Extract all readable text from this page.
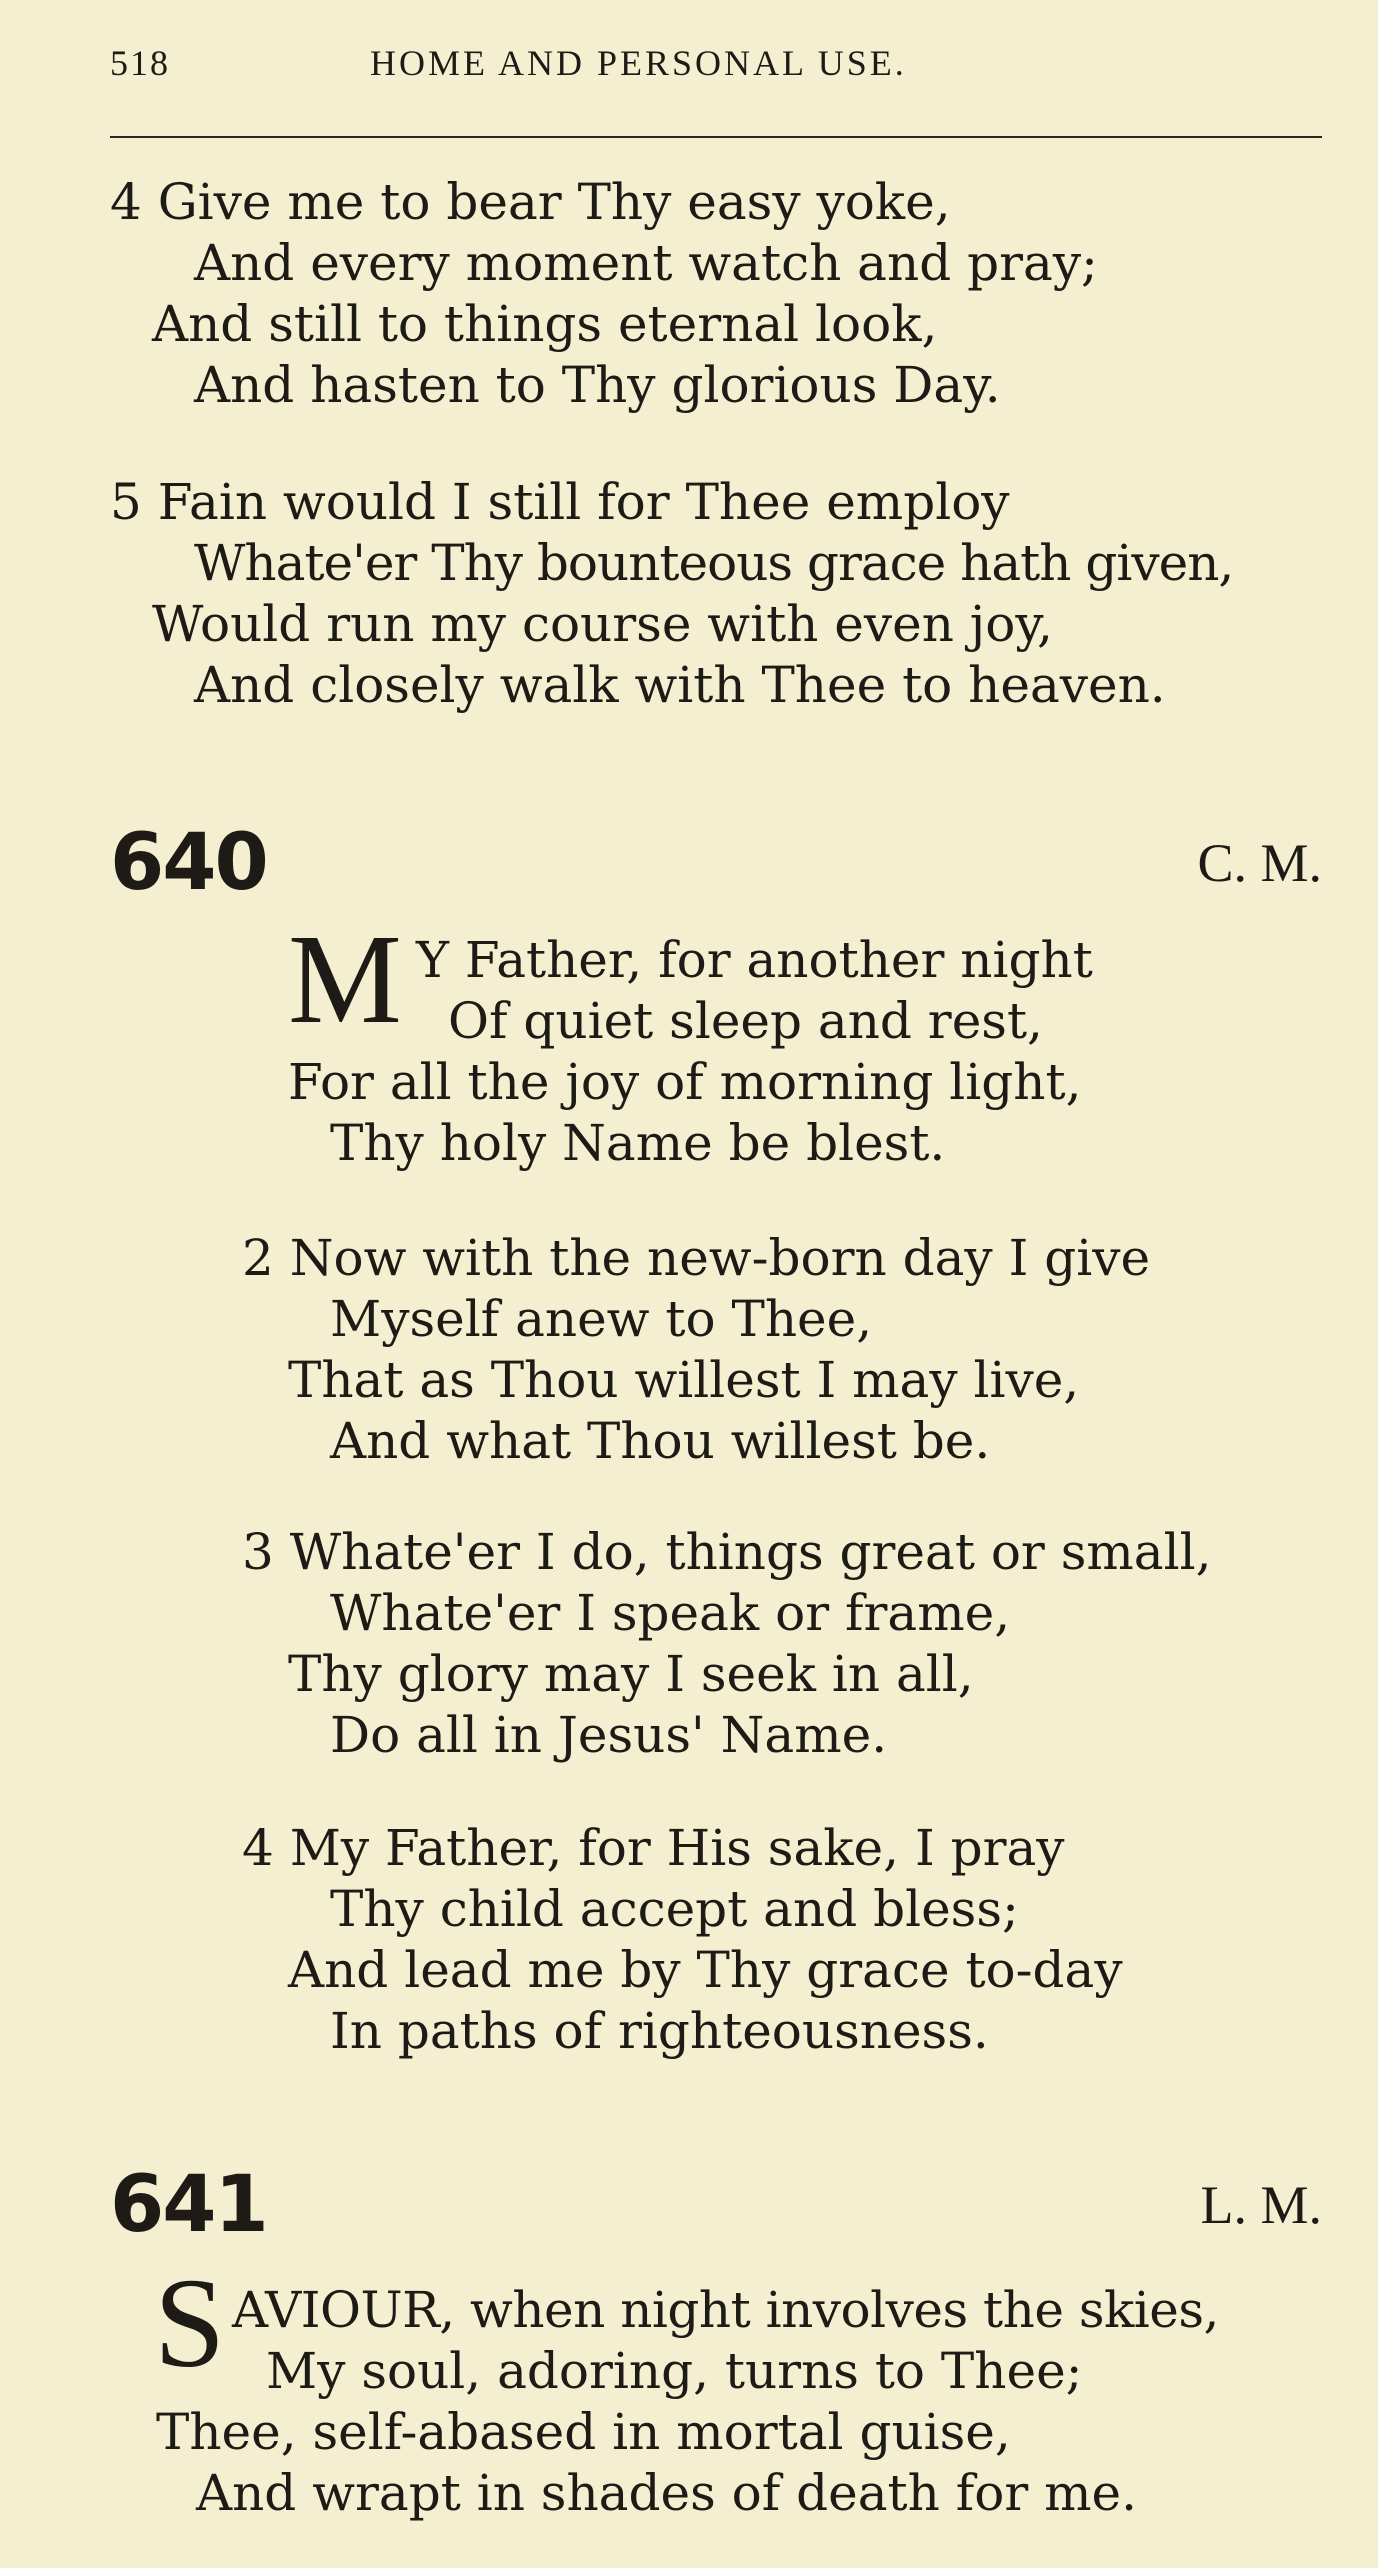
518	HOME AND PERSONAL USE.
4 Give me to bear Thy easy yoke,
And every moment watch and pray;
And still to things eternal look,
And hasten to Thy glorious Day.
5 Fain would I still for Thee employ
Whate'er Thy bounteous grace hath given,
Would run my course with even joy,
And closely walk with Thee to heaven.
640	C. M.
M Y Father, for another night
Of quiet sleep and rest,
For all the joy of morning light,
Thy holy Name be blest.
2 Now with the new-born day I give
Myself anew to Thee,
That as Thou willest I may live,
And what Thou willest be.
3 Whate'er I do, things great or small,
Whate'er I speak or frame,
Thy glory may I seek in all,
Do all in Jesus' Name.
4 My Father, for His sake, I pray
Thy child accept and bless;
And lead me by Thy grace to-day
In paths of righteousness.
641	L. M.
S AVIOUR, when night involves the skies,
My soul, adoring, turns to Thee;
Thee, self-abased in mortal guise,
And wrapt in shades of death for me.
